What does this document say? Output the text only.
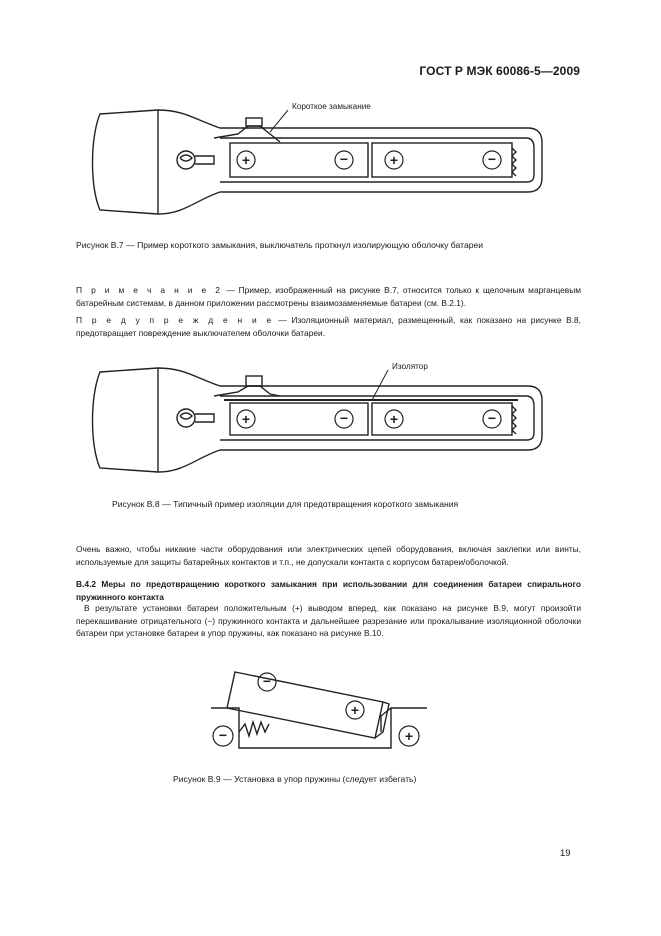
ГОСТ Р МЭК 60086-5—2009
+	−	+	−
Короткое замыкание
Рисунок В.7 — Пример короткого замыкания, выключатель проткнул изолирующую оболочку батареи
П р и м е ч а н и е 2 — Пример, изображенный на рисунке В.7, относится только к щелочным марганцевым батарейным системам, в данном приложении рассмотрены взаимозаменяемые батареи (см. В.2.1).
П р е д у п р е ж д е н и е — Изоляционный материал, размещенный, как показано на рисунке В.8, предотвращает повреждение выключателем оболочки батареи.
+	−	+	−
Изолятор
Рисунок В.8 — Типичный пример изоляции для предотвращения короткого замыкания
Очень важно, чтобы никакие части оборудования или электрических цепей оборудования, включая заклепки или винты, используемые для защиты батарейных контактов и т.п., не допускали контакта с корпусом батареи/оболочкой.
В.4.2 Меры по предотвращению короткого замыкания при использовании для соединения батареи спирального пружинного контакта
В результате установки батареи положительным (+) выводом вперед, как показано на рисунке В.9, могут произойти перекашивание отрицательного (−) пружинного контакта и дальнейшее разрезание или прокалывание изоляционной оболочки батареи при установке батареи в упор пружины, как показано на рисунке В.10.
−
+
−	+
Рисунок В.9 — Установка в упор пружины (следует избегать)
19
